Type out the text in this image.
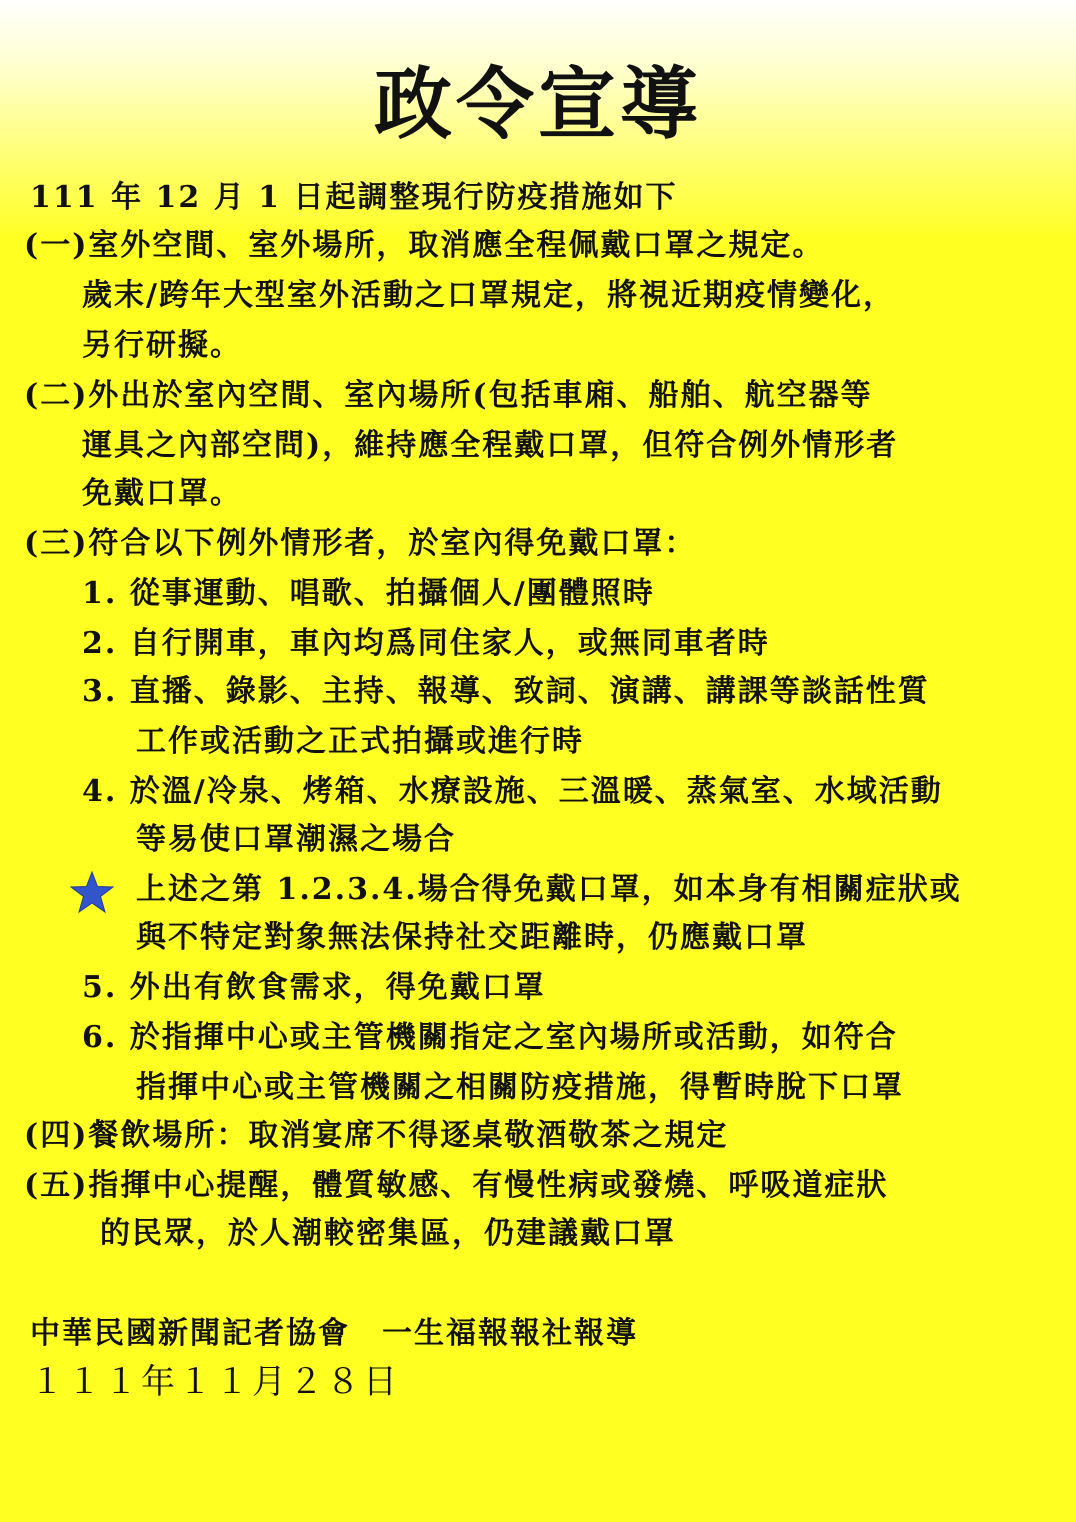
政令宣導
111 年 12 月 1 日起調整現行防疫措施如下
(一)室外空間、室外場所，取消應全程佩戴口罩之規定。
歲末/跨年大型室外活動之口罩規定，將視近期疫情變化，
另行研擬。
(二)外出於室內空間、室內場所(包括車廂、船舶、航空器等
運具之內部空問)，維持應全程戴口罩，但符合例外情形者
免戴口罩。
(三)符合以下例外情形者，於室內得免戴口罩：
1. 從事運動、唱歌、拍攝個人/團體照時
2. 自行開車，車內均爲同住家人，或無同車者時
3. 直播、錄影、主持、報導、致詞、演講、講課等談話性質
工作或活動之正式拍攝或進行時
4. 於溫/冷泉、烤箱、水療設施、三溫暖、蒸氣室、水域活動
等易使口罩潮濕之場合
上述之第 1.2.3.4.場合得免戴口罩，如本身有相關症狀或
與不特定對象無法保持社交距離時，仍應戴口罩
5. 外出有飲食需求，得免戴口罩
6. 於指揮中心或主管機關指定之室內場所或活動，如符合
指揮中心或主管機關之相關防疫措施，得暫時脫下口罩
(四)餐飲場所：取消宴席不得逐桌敬酒敬茶之規定
(五)指揮中心提醒，體質敏感、有慢性病或發燒、呼吸道症狀
的民眾，於人潮較密集區，仍建議戴口罩
中華民國新聞記者協會　一生福報報社報導
１１１年１１月２８日
